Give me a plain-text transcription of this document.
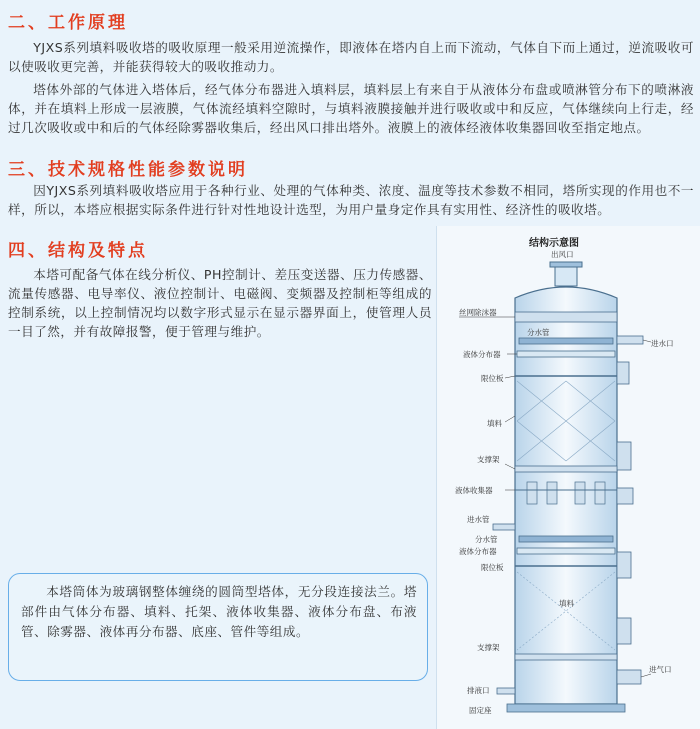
二、工作原理

YJXS系列填料吸收塔的吸收原理一般采用逆流操作，即液体在塔内自上而下流动，气体自下而上通过，逆流吸收可以使吸收更完善，并能获得较大的吸收推动力。

塔体外部的气体进入塔体后，经气体分布器进入填料层，填料层上有来自于从液体分布盘或喷淋管分布下的喷淋液体，并在填料上形成一层液膜，气体流经填料空隙时，与填料液膜接触并进行吸收或中和反应，气体继续向上行走，经过几次吸收或中和后的气体经除雾器收集后，经出风口排出塔外。液膜上的液体经液体收集器回收至指定地点。

三、技术规格性能参数说明

因YJXS系列填料吸收塔应用于各种行业、处理的气体种类、浓度、温度等技术参数不相同，塔所实现的作用也不一样，所以，本塔应根据实际条件进行针对性地设计选型，为用户量身定作具有实用性、经济性的吸收塔。

四、结构及特点

本塔可配备气体在线分析仪、PH控制计、差压变送器、压力传感器、流量传感器、电导率仪、液位控制计、电磁阀、变频器及控制柜等组成的控制系统，以上控制情况均以数字形式显示在显示器界面上，使管理人员一目了然，并有故障报警，便于管理与维护。

本塔筒体为玻璃钢整体缠绕的圆筒型塔体，无分段连接法兰。塔部件由气体分布器、填料、托架、液体收集器、液体分布盘、布液管、除雾器、液体再分布器、底座、管件等组成。

结构示意图
出风口
丝网除沫器
分水管
进水口
液体分布器
限位板
填料
支撑架
液体收集器
进水管
分水管
液体分布器
限位板
填料
支撑架
进气口
排液口
固定座
